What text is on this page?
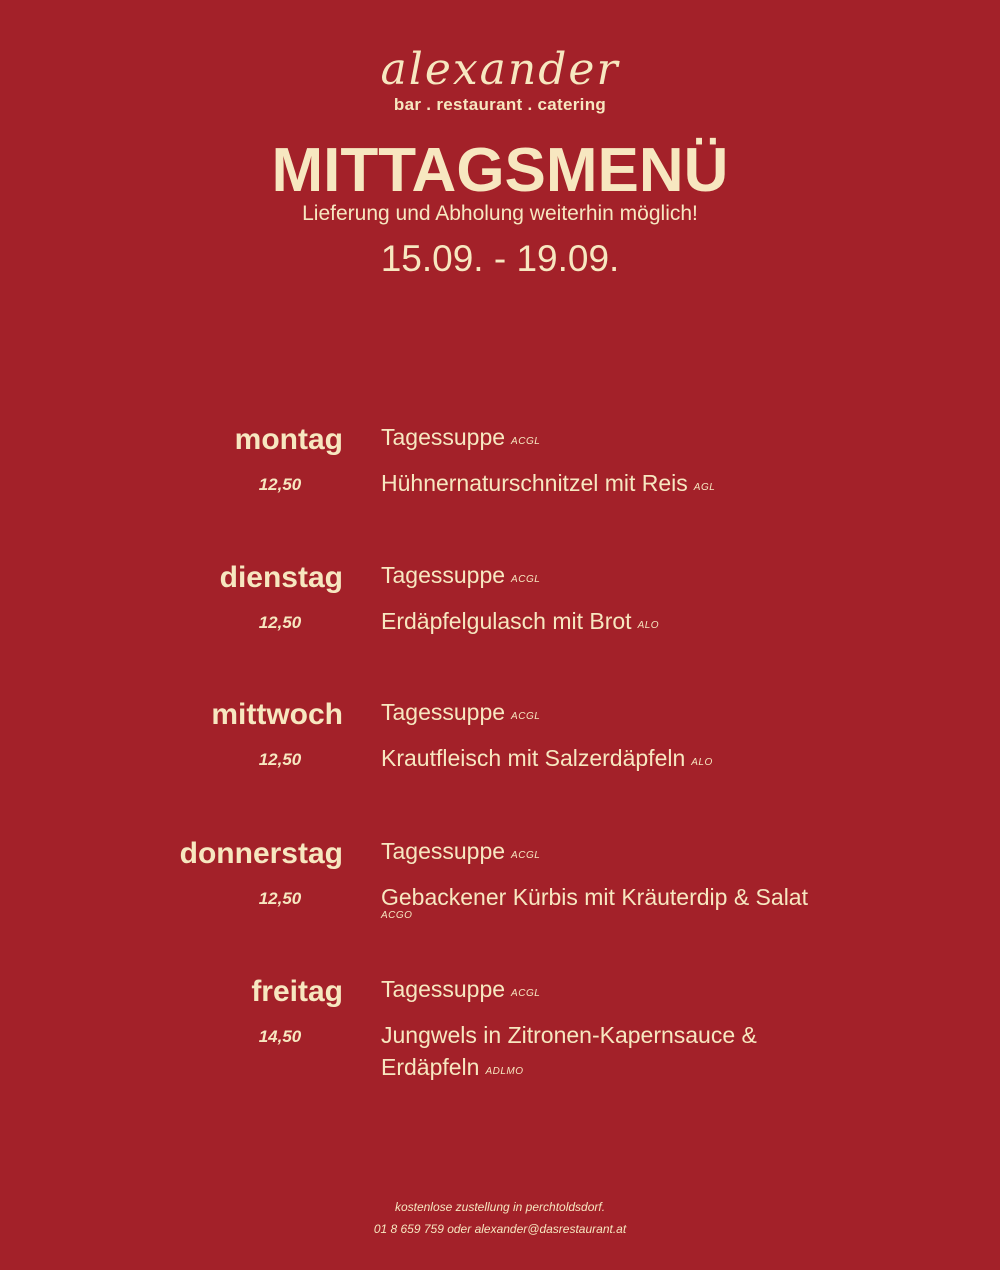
alexander
bar . restaurant . catering
MITTAGSMENÜ
Lieferung und Abholung weiterhin möglich!
15.09. - 19.09.
montag
12,50
Tagessuppe ACGL
Hühnernaturschnitzel mit Reis AGL
dienstag
12,50
Tagessuppe ACGL
Erdäpfelgulasch mit Brot ALO
mittwoch
12,50
Tagessuppe ACGL
Krautfleisch mit Salzerdäpfeln ALO
donnerstag
12,50
Tagessuppe ACGL
Gebackener Kürbis mit Kräuterdip & Salat
ACGO
freitag
14,50
Tagessuppe ACGL
Jungwels in Zitronen-Kapernsauce & Erdäpfeln ADLMO
kostenlose zustellung in perchtoldsdorf.
01 8 659 759 oder alexander@dasrestaurant.at
